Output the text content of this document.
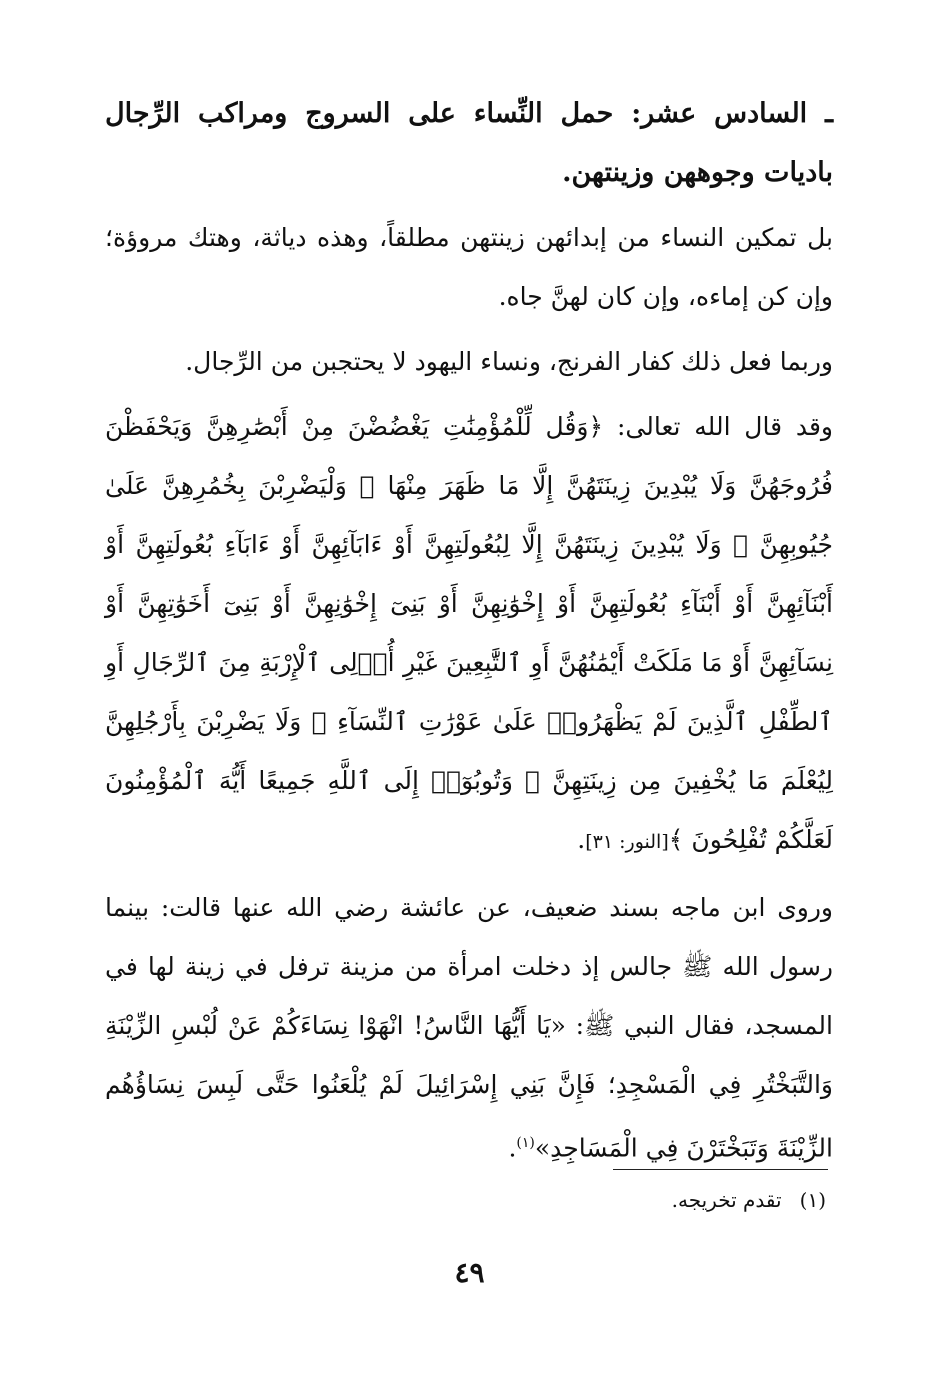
ـ السادس عشر: حمل النِّساء على السروج ومراكب الرِّجال باديات وجوههن وزينتهن.

بل تمكين النساء من إبدائهن زينتهن مطلقاً، وهذه دياثة، وهتك مروؤة؛ وإن كن إماءه، وإن كان لهنَّ جاه.

وربما فعل ذلك كفار الفرنج، ونساء اليهود لا يحتجبن من الرِّجال.

وقد قال الله تعالى: ﴿وَقُل لِّلْمُؤْمِنَٰتِ يَغْضُضْنَ مِنْ أَبْصَٰرِهِنَّ وَيَحْفَظْنَ فُرُوجَهُنَّ وَلَا يُبْدِينَ زِينَتَهُنَّ إِلَّا مَا ظَهَرَ مِنْهَا ۖ وَلْيَضْرِبْنَ بِخُمُرِهِنَّ عَلَىٰ جُيُوبِهِنَّ ۖ وَلَا يُبْدِينَ زِينَتَهُنَّ إِلَّا لِبُعُولَتِهِنَّ أَوْ ءَابَآئِهِنَّ أَوْ ءَابَآءِ بُعُولَتِهِنَّ أَوْ أَبْنَآئِهِنَّ أَوْ أَبْنَآءِ بُعُولَتِهِنَّ أَوْ إِخْوَٰنِهِنَّ أَوْ بَنِىٓ إِخْوَٰنِهِنَّ أَوْ بَنِىٓ أَخَوَٰتِهِنَّ أَوْ نِسَآئِهِنَّ أَوْ مَا مَلَكَتْ أَيْمَٰنُهُنَّ أَوِ ٱلتَّٰبِعِينَ غَيْرِ أُو۟لِى ٱلْإِرْبَةِ مِنَ ٱلرِّجَالِ أَوِ ٱلطِّفْلِ ٱلَّذِينَ لَمْ يَظْهَرُوا۟ عَلَىٰ عَوْرَٰتِ ٱلنِّسَآءِ ۖ وَلَا يَضْرِبْنَ بِأَرْجُلِهِنَّ لِيُعْلَمَ مَا يُخْفِينَ مِن زِينَتِهِنَّ ۚ وَتُوبُوٓا۟ إِلَى ٱللَّهِ جَمِيعًا أَيُّهَ ٱلْمُؤْمِنُونَ لَعَلَّكُمْ تُفْلِحُونَ ﴾[النور: ٣١].

وروى ابن ماجه بسند ضعيف، عن عائشة رضي الله عنها قالت: بينما رسول الله ﷺ جالس إذ دخلت امرأة من مزينة ترفل في زينة لها في المسجد، فقال النبي ﷺ: «يَا أَيُّهَا النَّاسُ! انْهَوْا نِسَاءَكُمْ عَنْ لُبْسِ الزِّيْنَةِ وَالتَّبَخْتُرِ فِي الْمَسْجِدِ؛ فَإِنَّ بَنِي إِسْرَائِيلَ لَمْ يُلْعَنُوا حَتَّى لَبِسَ نِسَاؤُهُم الزِّيْنَةَ وَتَبَخْتَرْنَ فِي الْمَسَاجِدِ»$^{(١)}$.

(١)تقدم تخريجه.
٤٩
